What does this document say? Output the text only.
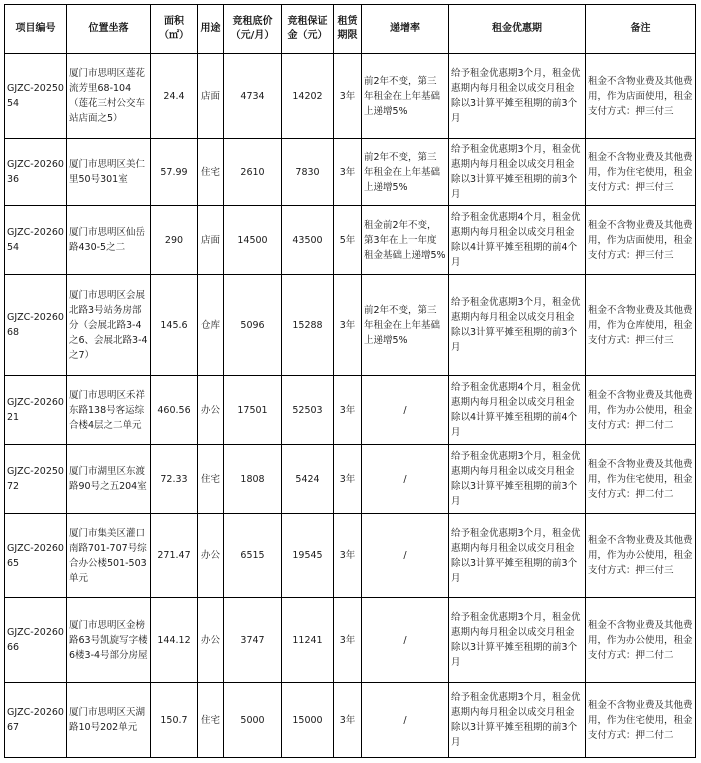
项目编号	位置坐落	面积（㎡）	用途	竞租底价（元/月）	竞租保证金（元）	租赁期限	递增率	租金优惠期	备注
GJZC-2025054	厦门市思明区莲花流芳里68-104（莲花三村公交车站店面之5）	24.4	店面	4734	14202	3年	前2年不变，第三年租金在上年基础上递增5%	给予租金优惠期3个月，租金优惠期内每月租金以成交月租金除以3计算平摊至租期的前3个月	租金不含物业费及其他费用，作为店面使用，租金支付方式：押三付三
GJZC-2026036	厦门市思明区美仁里50号301室	57.99	住宅	2610	7830	3年	前2年不变，第三年租金在上年基础上递增5%	给予租金优惠期3个月，租金优惠期内每月租金以成交月租金除以3计算平摊至租期的前3个月	租金不含物业费及其他费用，作为住宅使用，租金支付方式：押三付三
GJZC-2026054	厦门市思明区仙岳路430-5之二	290	店面	14500	43500	5年	租金前2年不变，第3年在上一年度租金基础上递增5%	给予租金优惠期4个月，租金优惠期内每月租金以成交月租金除以4计算平摊至租期的前4个月	租金不含物业费及其他费用，作为店面使用，租金支付方式：押三付三
GJZC-2026068	厦门市思明区会展北路3号站务房部分（会展北路3-4之6、会展北路3-4之7）	145.6	仓库	5096	15288	3年	前2年不变，第三年租金在上年基础上递增5%	给予租金优惠期3个月，租金优惠期内每月租金以成交月租金除以3计算平摊至租期的前3个月	租金不含物业费及其他费用，作为仓库使用，租金支付方式：押三付三
GJZC-2026021	厦门市思明区禾祥东路138号客运综合楼4层之二单元	460.56	办公	17501	52503	3年	/	给予租金优惠期4个月，租金优惠期内每月租金以成交月租金除以4计算平摊至租期的前4个月	租金不含物业费及其他费用，作为办公使用，租金支付方式：押二付二
GJZC-2025072	厦门市湖里区东渡路90号之五204室	72.33	住宅	1808	5424	3年	/	给予租金优惠期3个月，租金优惠期内每月租金以成交月租金除以3计算平摊至租期的前3个月	租金不含物业费及其他费用，作为住宅使用，租金支付方式：押二付二
GJZC-2026065	厦门市集美区灌口南路701-707号综合办公楼501-503单元	271.47	办公	6515	19545	3年	/	给予租金优惠期3个月，租金优惠期内每月租金以成交月租金除以3计算平摊至租期的前3个月	租金不含物业费及其他费用，作为办公使用，租金支付方式：押三付三
GJZC-2026066	厦门市思明区金榜路63号凯旋写字楼6楼3-4号部分房屋	144.12	办公	3747	11241	3年	/	给予租金优惠期3个月，租金优惠期内每月租金以成交月租金除以3计算平摊至租期的前3个月	租金不含物业费及其他费用，作为办公使用，租金支付方式：押二付二
GJZC-2026067	厦门市思明区天湖路10号202单元	150.7	住宅	5000	15000	3年	/	给予租金优惠期3个月，租金优惠期内每月租金以成交月租金除以3计算平摊至租期的前3个月	租金不含物业费及其他费用，作为住宅使用，租金支付方式：押二付二
